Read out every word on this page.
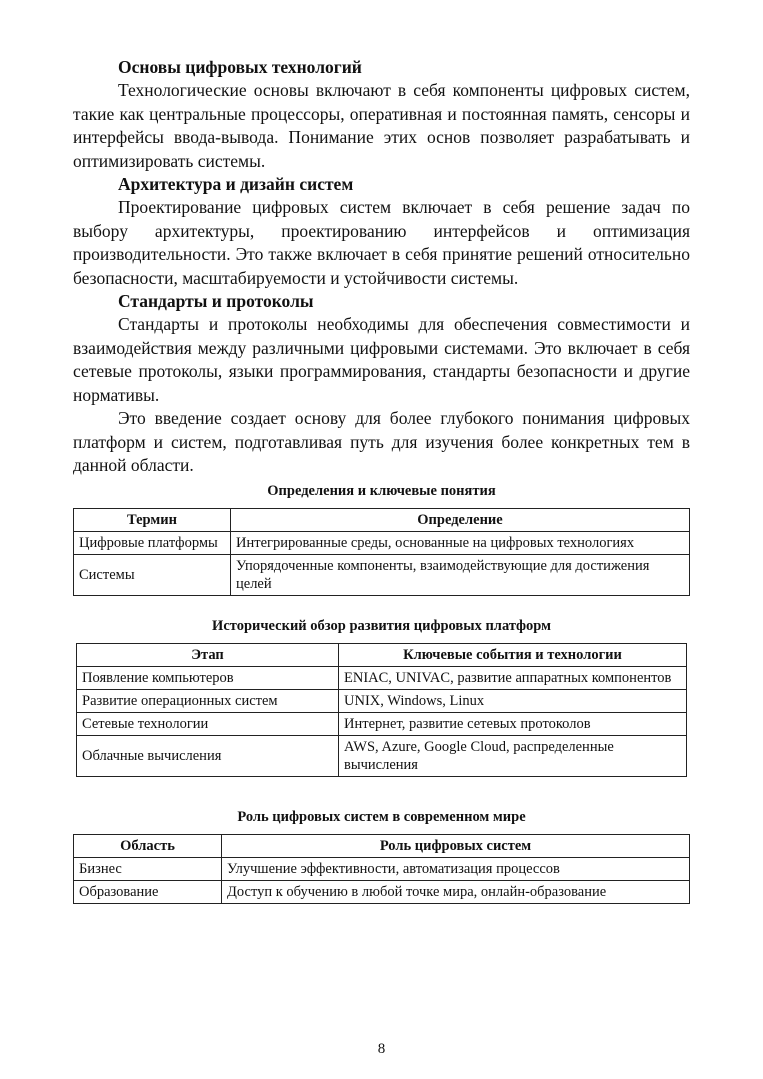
Основы цифровых технологий

Технологические основы включают в себя компоненты цифровых систем, такие как центральные процессоры, оперативная и постоянная память, сенсоры и интерфейсы ввода-вывода. Понимание этих основ позволяет разрабатывать и оптимизировать системы.

Архитектура и дизайн систем

Проектирование цифровых систем включает в себя решение задач по выбору архитектуры, проектированию интерфейсов и оптимизация производительности. Это также включает в себя принятие решений относительно безопасности, масштабируемости и устойчивости системы.

Стандарты и протоколы

Стандарты и протоколы необходимы для обеспечения совместимости и взаимодействия между различными цифровыми системами. Это включает в себя сетевые протоколы, языки программирования, стандарты безопасности и другие нормативы.

Это введение создает основу для более глубокого понимания цифровых платформ и систем, подготавливая путь для изучения более конкретных тем в данной области.

Определения и ключевые понятия
Термин	Определение
Цифровые платформы	Интегрированные среды, основанные на цифровых технологиях
Системы	Упорядоченные компоненты, взаимодействующие для достижения целей
Исторический обзор развития цифровых платформ
Этап	Ключевые события и технологии
Появление компьютеров	ENIAC, UNIVAC, развитие аппаратных компонентов
Развитие операционных систем	UNIX, Windows, Linux
Сетевые технологии	Интернет, развитие сетевых протоколов
Облачные вычисления	AWS, Azure, Google Cloud, распределенные вычисления
Роль цифровых систем в современном мире
Область	Роль цифровых систем
Бизнес	Улучшение эффективности, автоматизация процессов
Образование	Доступ к обучению в любой точке мира, онлайн-образование
8
